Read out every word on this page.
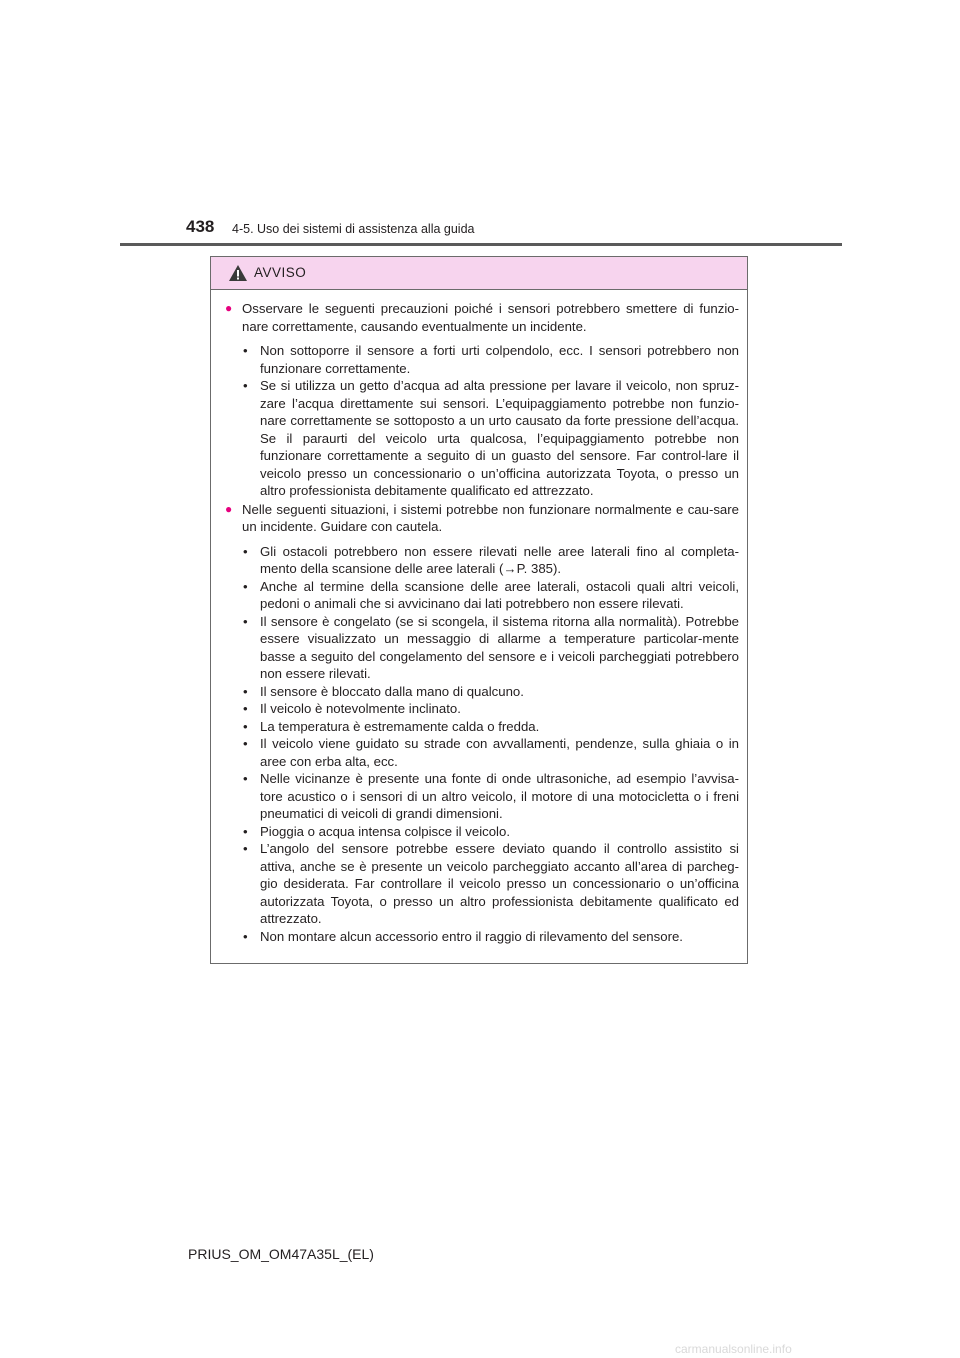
438 4-5. Uso dei sistemi di assistenza alla guida
AVVISO
● Osservare le seguenti precauzioni poiché i sensori potrebbero smettere di funzio-nare correttamente, causando eventualmente un incidente.
• Non sottoporre il sensore a forti urti colpendolo, ecc. I sensori potrebbero non funzionare correttamente.
• Se si utilizza un getto d’acqua ad alta pressione per lavare il veicolo, non spruz-zare l’acqua direttamente sui sensori. L’equipaggiamento potrebbe non funzio-nare correttamente se sottoposto a un urto causato da forte pressione dell’acqua. Se il paraurti del veicolo urta qualcosa, l’equipaggiamento potrebbe non funzionare correttamente a seguito di un guasto del sensore. Far control-lare il veicolo presso un concessionario o un’officina autorizzata Toyota, o presso un altro professionista debitamente qualificato ed attrezzato.
● Nelle seguenti situazioni, i sistemi potrebbe non funzionare normalmente e cau-sare un incidente. Guidare con cautela.
• Gli ostacoli potrebbero non essere rilevati nelle aree laterali fino al completa-mento della scansione delle aree laterali (→P. 385).
• Anche al termine della scansione delle aree laterali, ostacoli quali altri veicoli, pedoni o animali che si avvicinano dai lati potrebbero non essere rilevati.
• Il sensore è congelato (se si scongela, il sistema ritorna alla normalità). Potrebbe essere visualizzato un messaggio di allarme a temperature particolar-mente basse a seguito del congelamento del sensore e i veicoli parcheggiati potrebbero non essere rilevati.
• Il sensore è bloccato dalla mano di qualcuno.
• Il veicolo è notevolmente inclinato.
• La temperatura è estremamente calda o fredda.
• Il veicolo viene guidato su strade con avvallamenti, pendenze, sulla ghiaia o in aree con erba alta, ecc.
• Nelle vicinanze è presente una fonte di onde ultrasoniche, ad esempio l’avvisa-tore acustico o i sensori di un altro veicolo, il motore di una motocicletta o i freni pneumatici di veicoli di grandi dimensioni.
• Pioggia o acqua intensa colpisce il veicolo.
• L’angolo del sensore potrebbe essere deviato quando il controllo assistito si attiva, anche se è presente un veicolo parcheggiato accanto all’area di parcheg-gio desiderata. Far controllare il veicolo presso un concessionario o un’officina autorizzata Toyota, o presso un altro professionista debitamente qualificato ed attrezzato.
• Non montare alcun accessorio entro il raggio di rilevamento del sensore.
PRIUS_OM_OM47A35L_(EL)
carmanualsonline.info
